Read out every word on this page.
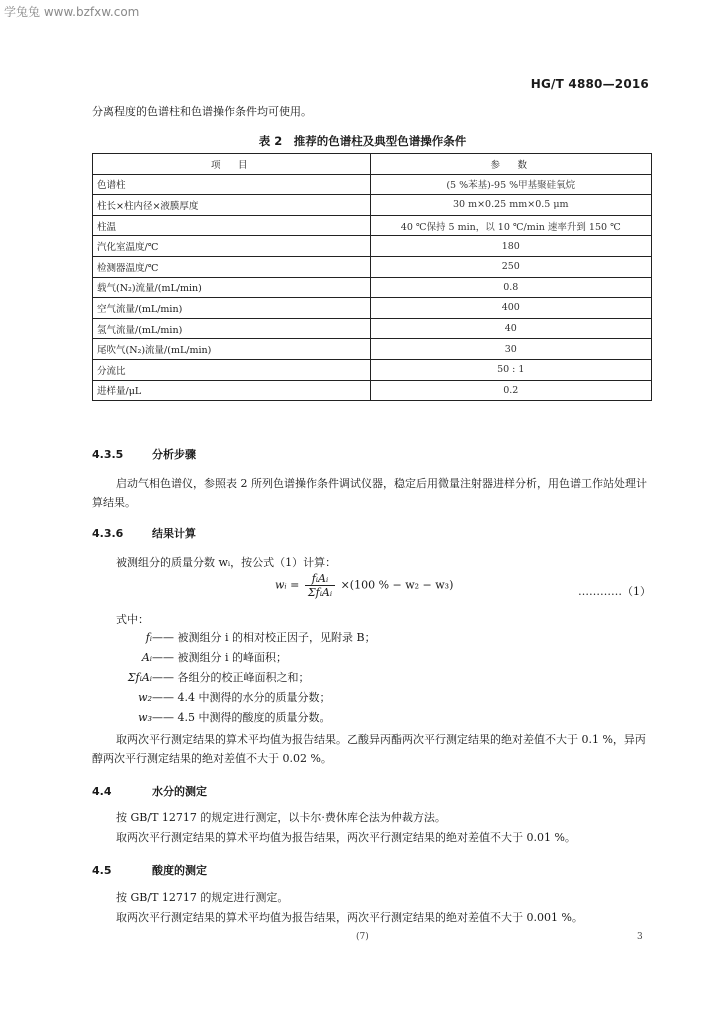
学兔兔 www.bzfxw.com
HG/T 4880—2016
分离程度的色谱柱和色谱操作条件均可使用。
表 2　推荐的色谱柱及典型色谱操作条件
项　目	参　数
色谱柱	(5 %苯基)-95 %甲基聚硅氧烷
柱长×柱内径×液膜厚度	30 m×0.25 mm×0.5 μm
柱温	40 ℃保持 5 min，以 10 ℃/min 速率升到 150 ℃
汽化室温度/℃	180
检测器温度/℃	250
载气(N₂)流量/(mL/min)	0.8
空气流量/(mL/min)	400
氢气流量/(mL/min)	40
尾吹气(N₂)流量/(mL/min)	30
分流比	50 : 1
进样量/μL	0.2
4.3.5	分析步骤
启动气相色谱仪，参照表 2 所列色谱操作条件调试仪器，稳定后用微量注射器进样分析，用色谱工作站处理计算结果。
4.3.6	结果计算
被测组分的质量分数 wᵢ，按公式（1）计算：
wᵢ = $\frac{\text{fᵢAᵢ}}{\text{ΣfᵢAᵢ}} \times(100$ % − w₂ − w₃)	…………（1）
式中：
fᵢ—— 被测组分 i 的相对校正因子，见附录 B；
Aᵢ—— 被测组分 i 的峰面积；
ΣfᵢAᵢ—— 各组分的校正峰面积之和；
w₂—— 4.4 中测得的水分的质量分数；
w₃—— 4.5 中测得的酸度的质量分数。
取两次平行测定结果的算术平均值为报告结果。乙酸异丙酯两次平行测定结果的绝对差值不大于 0.1 %，异丙醇两次平行测定结果的绝对差值不大于 0.02 %。
4.4	水分的测定
按 GB/T 12717 的规定进行测定，以卡尔·费休库仑法为仲裁方法。
取两次平行测定结果的算术平均值为报告结果，两次平行测定结果的绝对差值不大于 0.01 %。
4.5	酸度的测定
按 GB/T 12717 的规定进行测定。
取两次平行测定结果的算术平均值为报告结果，两次平行测定结果的绝对差值不大于 0.001 %。
(7)	3
